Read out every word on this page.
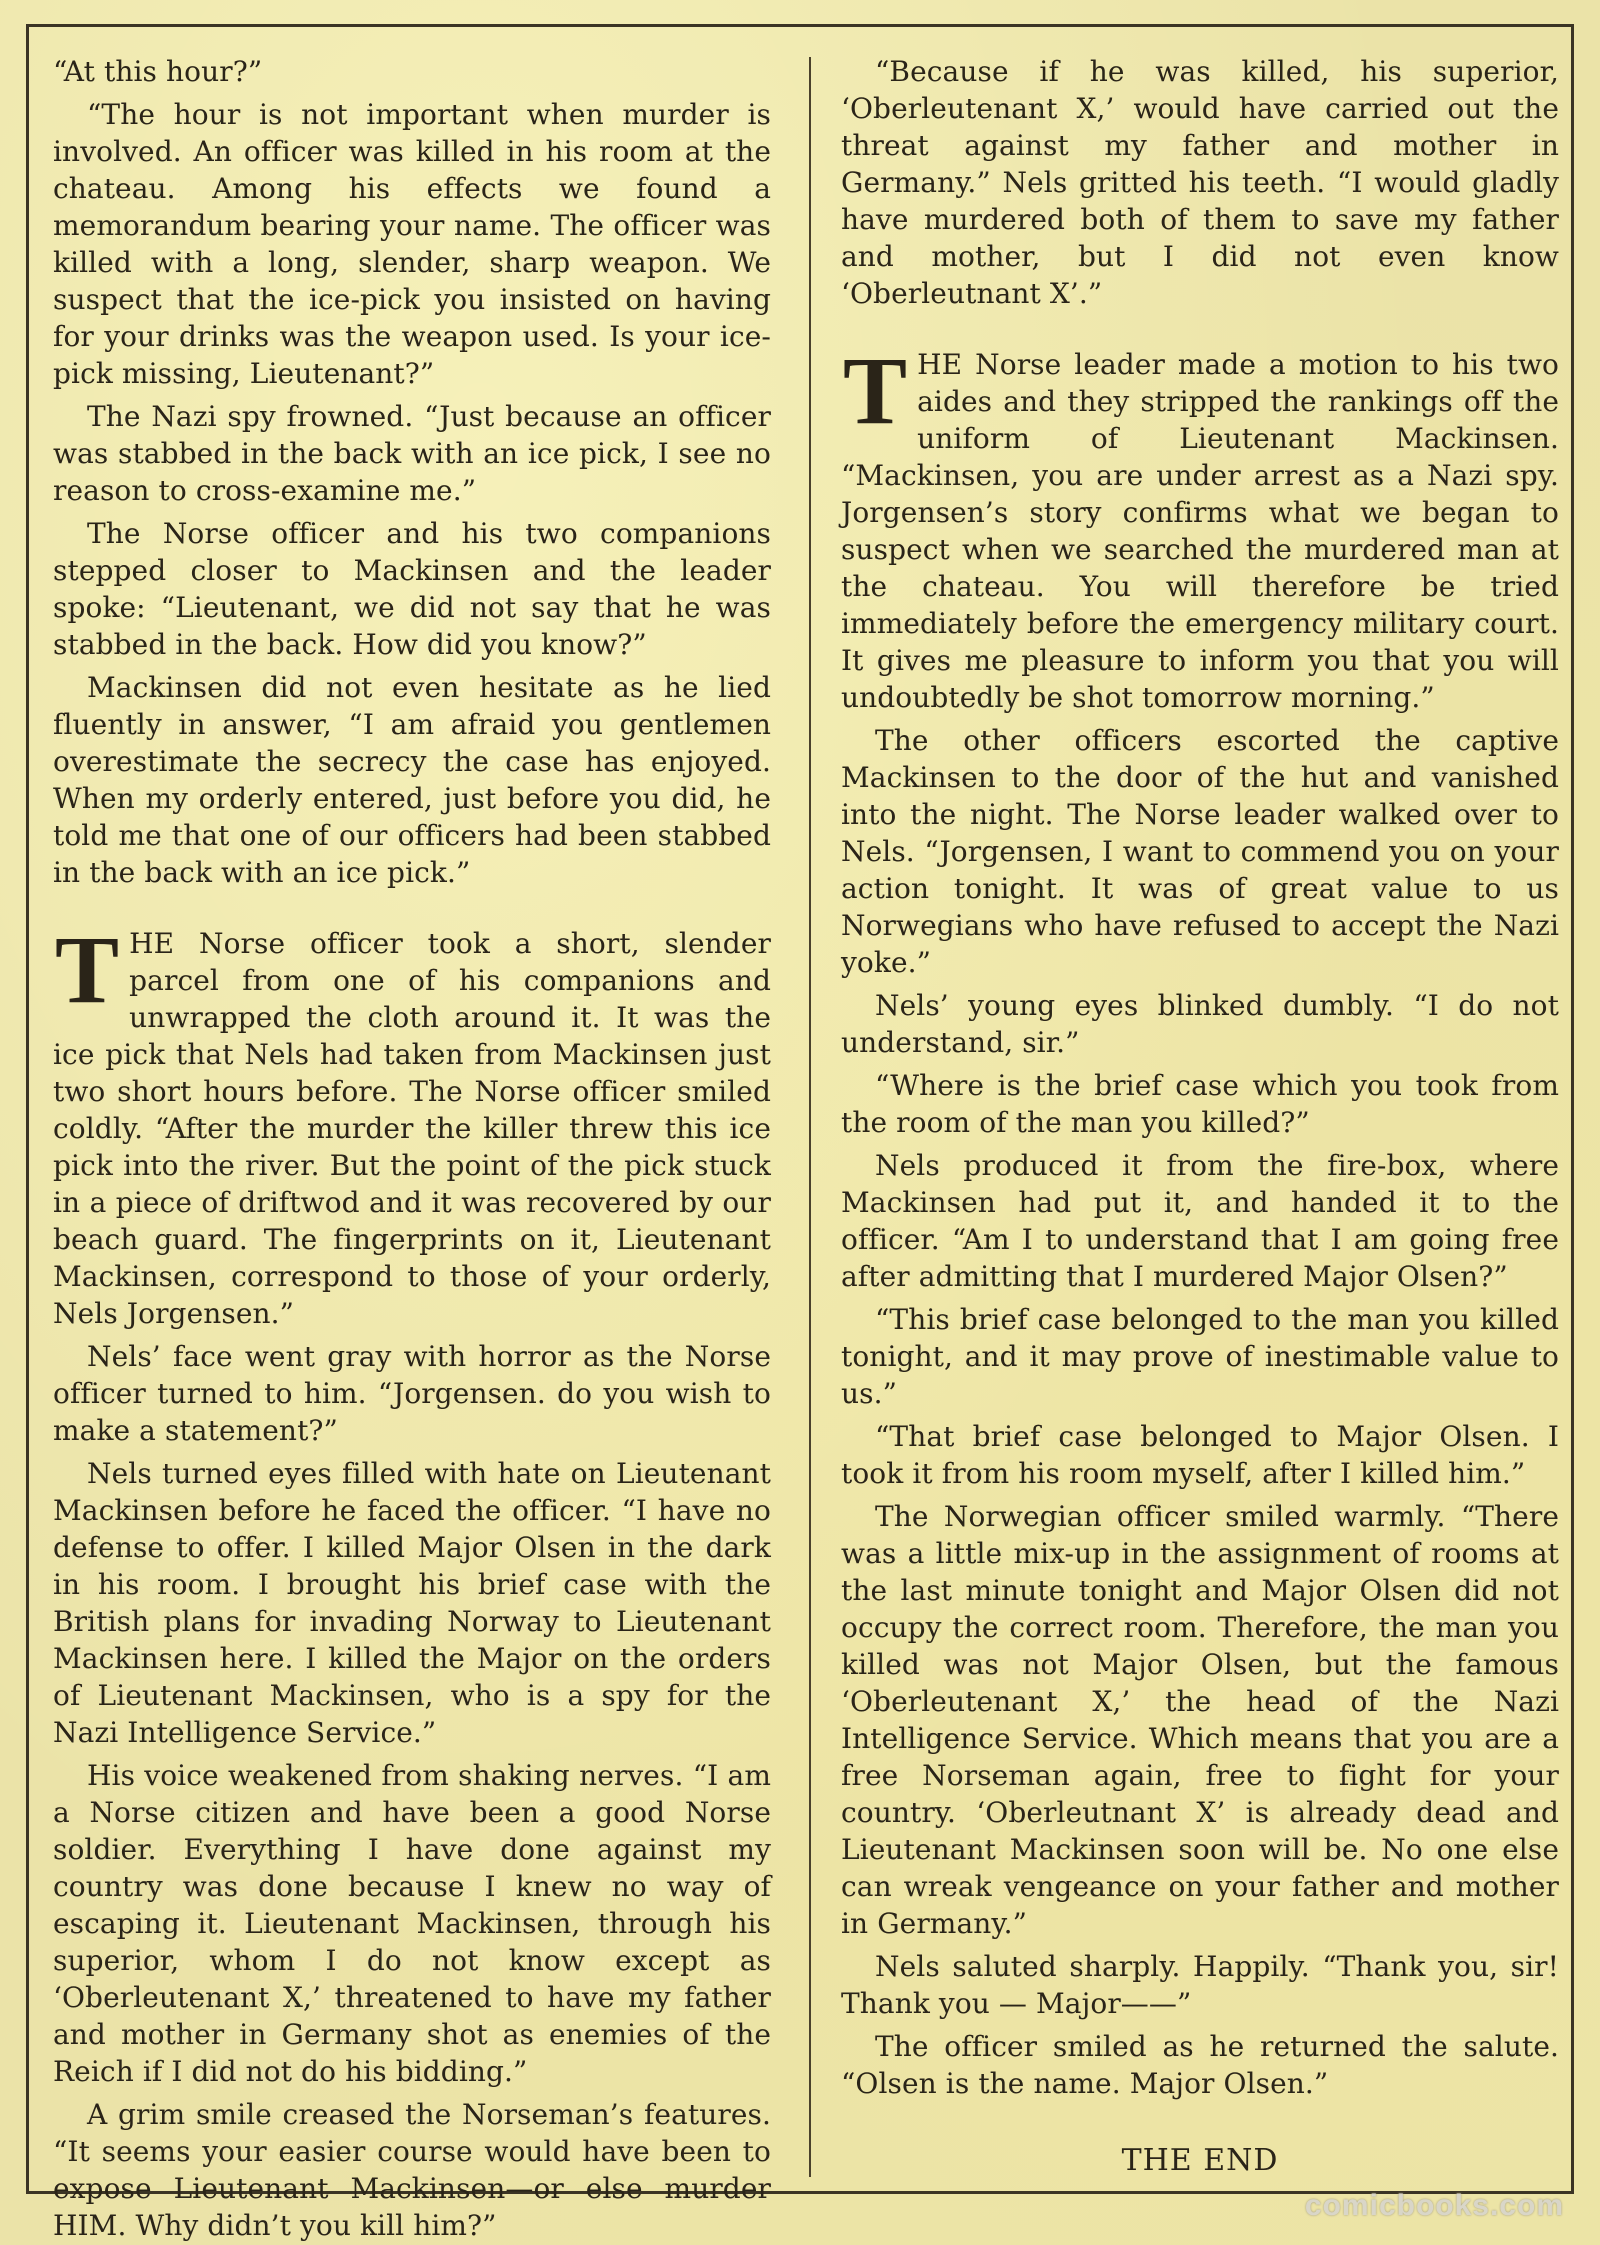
“At this hour?”

“The hour is not important when murder is involved. An officer was killed in his room at the chateau. Among his effects we found a memorandum bearing your name. The officer was killed with a long, slender, sharp weapon. We suspect that the ice-pick you insisted on having for your drinks was the weapon used. Is your ice-pick missing, Lieutenant?”

The Nazi spy frowned. “Just because an officer was stabbed in the back with an ice pick, I see no reason to cross-examine me.”

The Norse officer and his two companions stepped closer to Mackinsen and the leader spoke: “Lieutenant, we did not say that he was stabbed in the back. How did you know?”

Mackinsen did not even hesitate as he lied fluently in answer, “I am afraid you gentlemen overestimate the secrecy the case has enjoyed. When my orderly entered, just before you did, he told me that one of our officers had been stabbed in the back with an ice pick.”

THE Norse officer took a short, slender parcel from one of his companions and unwrapped the cloth around it. It was the ice pick that Nels had taken from Mackinsen just two short hours before. The Norse officer smiled coldly. “After the murder the killer threw this ice pick into the river. But the point of the pick stuck in a piece of driftwod and it was recovered by our beach guard. The fingerprints on it, Lieutenant Mackinsen, correspond to those of your orderly, Nels Jorgensen.”

Nels’ face went gray with horror as the Norse officer turned to him. “Jorgensen. do you wish to make a statement?”

Nels turned eyes filled with hate on Lieutenant Mackinsen before he faced the officer. “I have no defense to offer. I killed Major Olsen in the dark in his room. I brought his brief case with the British plans for invading Norway to Lieutenant Mackinsen here. I killed the Major on the orders of Lieutenant Mackinsen, who is a spy for the Nazi Intelligence Service.”

His voice weakened from shaking nerves. “I am a Norse citizen and have been a good Norse soldier. Everything I have done against my country was done because I knew no way of escaping it. Lieutenant Mackinsen, through his superior, whom I do not know except as ‘Oberleutenant X,’ threatened to have my father and mother in Germany shot as enemies of the Reich if I did not do his bidding.”

A grim smile creased the Norseman’s features. “It seems your easier course would have been to expose Lieutenant Mackinsen—or else murder HIM. Why didn’t you kill him?”

“Because if he was killed, his superior, ‘Oberleutenant X,’ would have carried out the threat against my father and mother in Germany.” Nels gritted his teeth. “I would gladly have murdered both of them to save my father and mother, but I did not even know ‘Oberleutnant X’.”

THE Norse leader made a motion to his two aides and they stripped the rankings off the uniform of Lieutenant Mackinsen. “Mackinsen, you are under arrest as a Nazi spy. Jorgensen’s story confirms what we began to suspect when we searched the murdered man at the chateau. You will therefore be tried immediately before the emergency military court. It gives me pleasure to inform you that you will undoubtedly be shot tomorrow morning.”

The other officers escorted the captive Mackinsen to the door of the hut and vanished into the night. The Norse leader walked over to Nels. “Jorgensen, I want to commend you on your action tonight. It was of great value to us Norwegians who have refused to accept the Nazi yoke.”

Nels’ young eyes blinked dumbly. “I do not understand, sir.”

“Where is the brief case which you took from the room of the man you killed?”

Nels produced it from the fire-box, where Mackinsen had put it, and handed it to the officer. “Am I to understand that I am going free after admitting that I murdered Major Olsen?”

“This brief case belonged to the man you killed tonight, and it may prove of inestimable value to us.”

“That brief case belonged to Major Olsen. I took it from his room myself, after I killed him.”

The Norwegian officer smiled warmly. “There was a little mix-up in the assignment of rooms at the last minute tonight and Major Olsen did not occupy the correct room. Therefore, the man you killed was not Major Olsen, but the famous ‘Oberleutenant X,’ the head of the Nazi Intelligence Service. Which means that you are a free Norseman again, free to fight for your country. ‘Oberleutnant X’ is already dead and Lieutenant Mackinsen soon will be. No one else can wreak vengeance on your father and mother in Germany.”

Nels saluted sharply. Happily. “Thank you, sir! Thank you — Major——”

The officer smiled as he returned the salute. “Olsen is the name. Major Olsen.”

THE END

comicbooks.com
